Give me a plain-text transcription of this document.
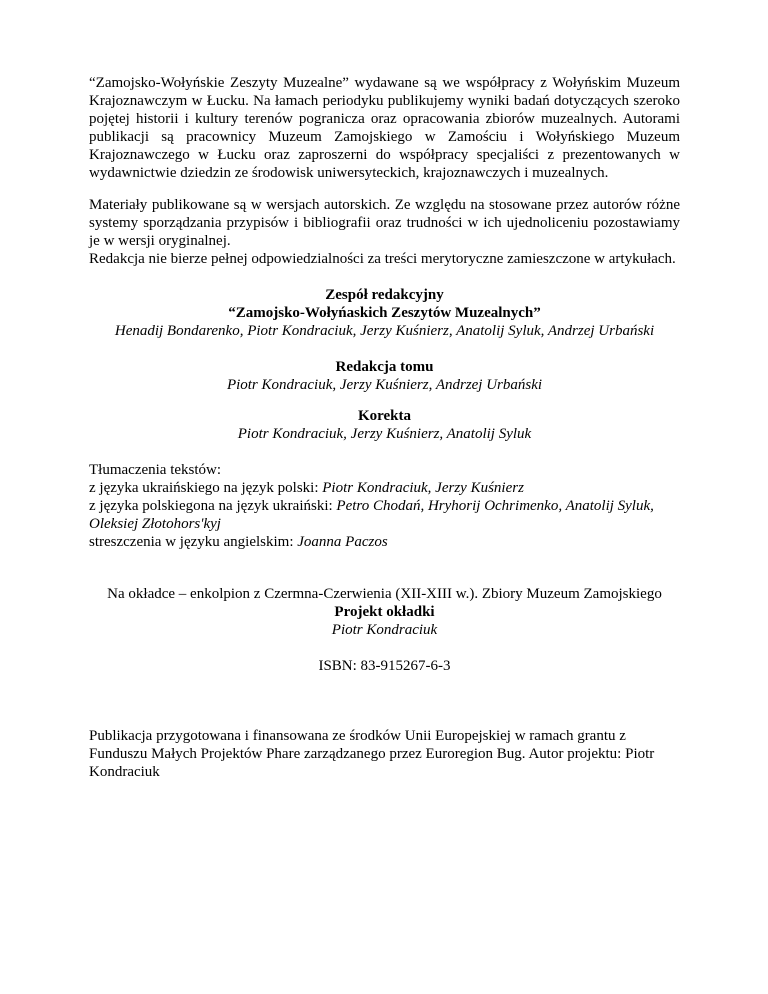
“Zamojsko-Wołyńskie Zeszyty Muzealne” wydawane są we współpracy z Wołyńskim Muzeum Krajoznawczym w Łucku. Na łamach periodyku publikujemy wyniki badań dotyczących szeroko pojętej historii i kultury terenów pogranicza oraz opracowania zbiorów muzealnych. Autorami publikacji są pracownicy Muzeum Zamojskiego w Zamościu i Wołyńskiego Muzeum Krajoznawczego w Łucku oraz zaproszerni do współpracy specjaliści z prezentowanych w wydawnictwie dziedzin ze środowisk uniwersyteckich, krajoznawczych i muzealnych.

Materiały publikowane są w wersjach autorskich. Ze względu na stosowane przez autorów różne systemy sporządzania przypisów i bibliografii oraz trudności w ich ujednoliceniu pozostawiamy je w wersji oryginalnej.

Redakcja nie bierze pełnej odpowiedzialności za treści merytoryczne zamieszczone w artykułach.

Zespół redakcyjny

“Zamojsko-Wołyńaskich Zeszytów Muzealnych”

Henadij Bondarenko, Piotr Kondraciuk, Jerzy Kuśnierz, Anatolij Syluk, Andrzej Urbański

Redakcja tomu

Piotr Kondraciuk, Jerzy Kuśnierz, Andrzej Urbański

Korekta

Piotr Kondraciuk, Jerzy Kuśnierz, Anatolij Syluk

Tłumaczenia tekstów:

z języka ukraińskiego na język polski: Piotr Kondraciuk, Jerzy Kuśnierz

z języka polskiegona na język ukraiński: Petro Chodań, Hryhorij Ochrimenko, Anatolij Syluk, Oleksiej Złotohors'kyj

streszczenia w języku angielskim: Joanna Paczos

Na okładce – enkolpion z Czermna-Czerwienia (XII-XIII w.). Zbiory Muzeum Zamojskiego

Projekt okładki

Piotr Kondraciuk

ISBN: 83-915267-6-3

Publikacja przygotowana i finansowana ze środków Unii Europejskiej w ramach grantu z Funduszu Małych Projektów Phare zarządzanego przez Euroregion Bug. Autor projektu: Piotr Kondraciuk
